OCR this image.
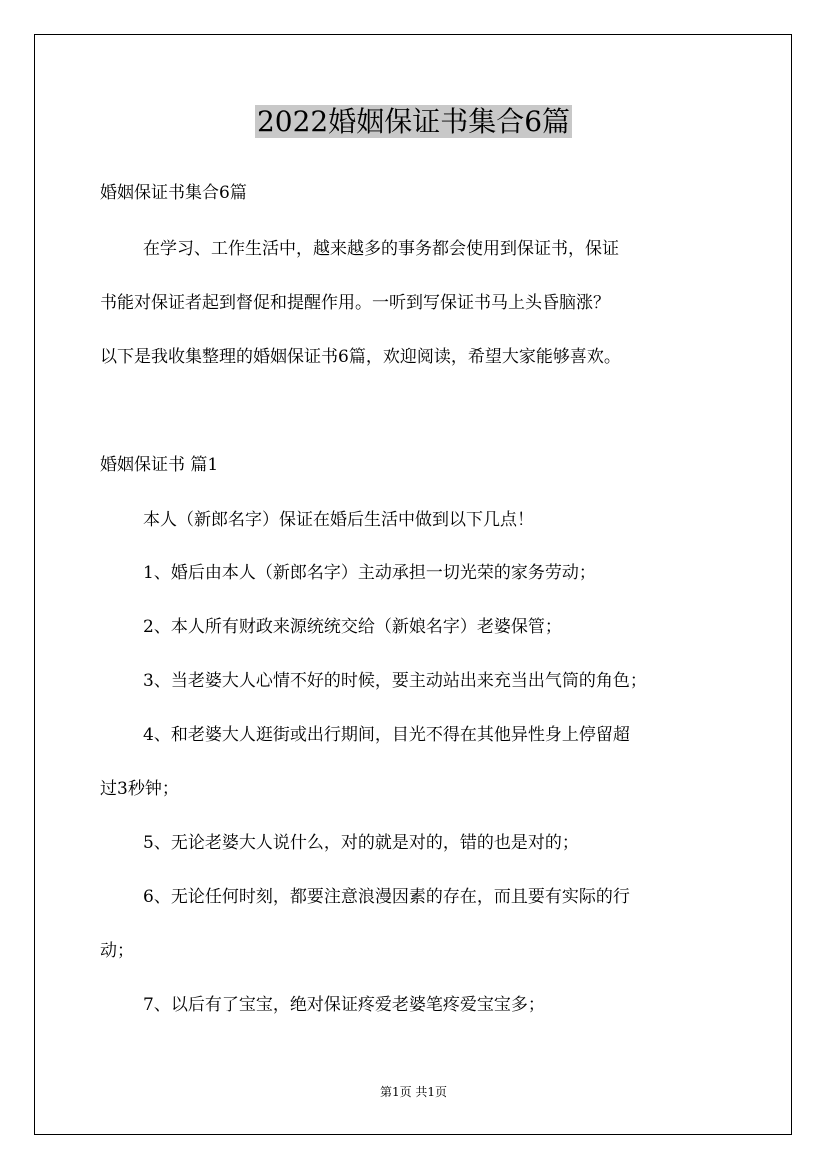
2022婚姻保证书集合6篇
婚姻保证书集合6篇
在学习、工作生活中，越来越多的事务都会使用到保证书，保证
书能对保证者起到督促和提醒作用。一听到写保证书马上头昏脑涨？
以下是我收集整理的婚姻保证书6篇，欢迎阅读，希望大家能够喜欢。
婚姻保证书 篇1
本人（新郎名字）保证在婚后生活中做到以下几点！
1、婚后由本人（新郎名字）主动承担一切光荣的家务劳动；
2、本人所有财政来源统统交给（新娘名字）老婆保管；
3、当老婆大人心情不好的时候，要主动站出来充当出气筒的角色；
4、和老婆大人逛街或出行期间，目光不得在其他异性身上停留超
过3秒钟；
5、无论老婆大人说什么，对的就是对的，错的也是对的；
6、无论任何时刻，都要注意浪漫因素的存在，而且要有实际的行
动；
7、以后有了宝宝，绝对保证疼爱老婆笔疼爱宝宝多；
第1页 共1页
